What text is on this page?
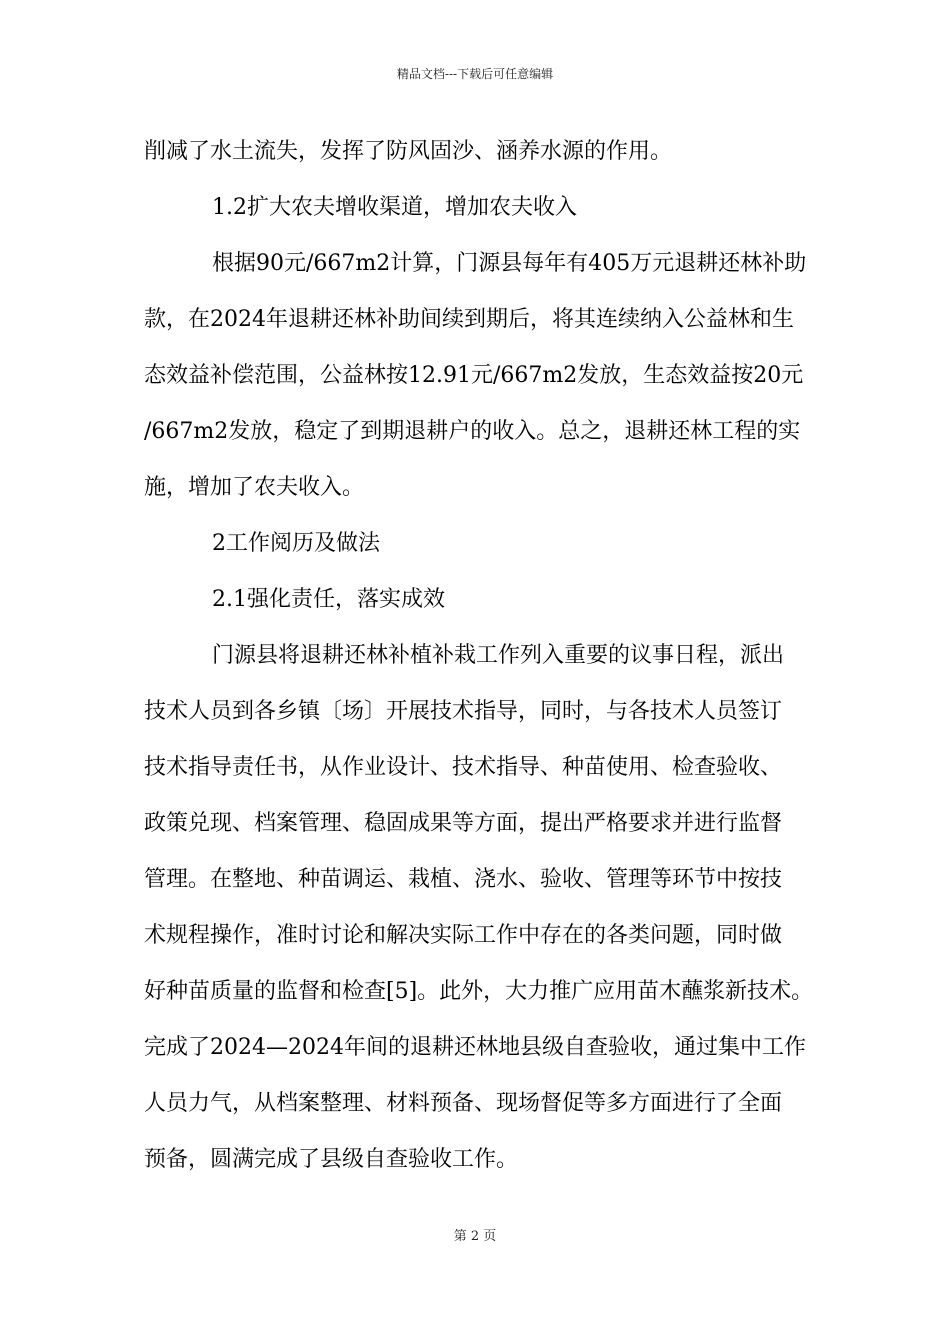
精品文档---下载后可任意编辑
削减了水土流失，发挥了防风固沙、涵养水源的作用。
1.2扩大农夫增收渠道，增加农夫收入
根据90元/667m2计算，门源县每年有405万元退耕还林补助
款，在2024年退耕还林补助间续到期后，将其连续纳入公益林和生
态效益补偿范围，公益林按12.91元/667m2发放，生态效益按20元
/667m2发放，稳定了到期退耕户的收入。总之，退耕还林工程的实
施，增加了农夫收入。
2工作阅历及做法
2.1强化责任，落实成效
门源县将退耕还林补植补栽工作列入重要的议事日程，派出
技术人员到各乡镇〔场〕开展技术指导，同时，与各技术人员签订
技术指导责任书，从作业设计、技术指导、种苗使用、检查验收、
政策兑现、档案管理、稳固成果等方面，提出严格要求并进行监督
管理。在整地、种苗调运、栽植、浇水、验收、管理等环节中按技
术规程操作，准时讨论和解决实际工作中存在的各类问题，同时做
好种苗质量的监督和检查[5]。此外，大力推广应用苗木蘸浆新技术。
完成了2024—2024年间的退耕还林地县级自查验收，通过集中工作
人员力气，从档案整理、材料预备、现场督促等多方面进行了全面
预备，圆满完成了县级自查验收工作。
第 2 页
